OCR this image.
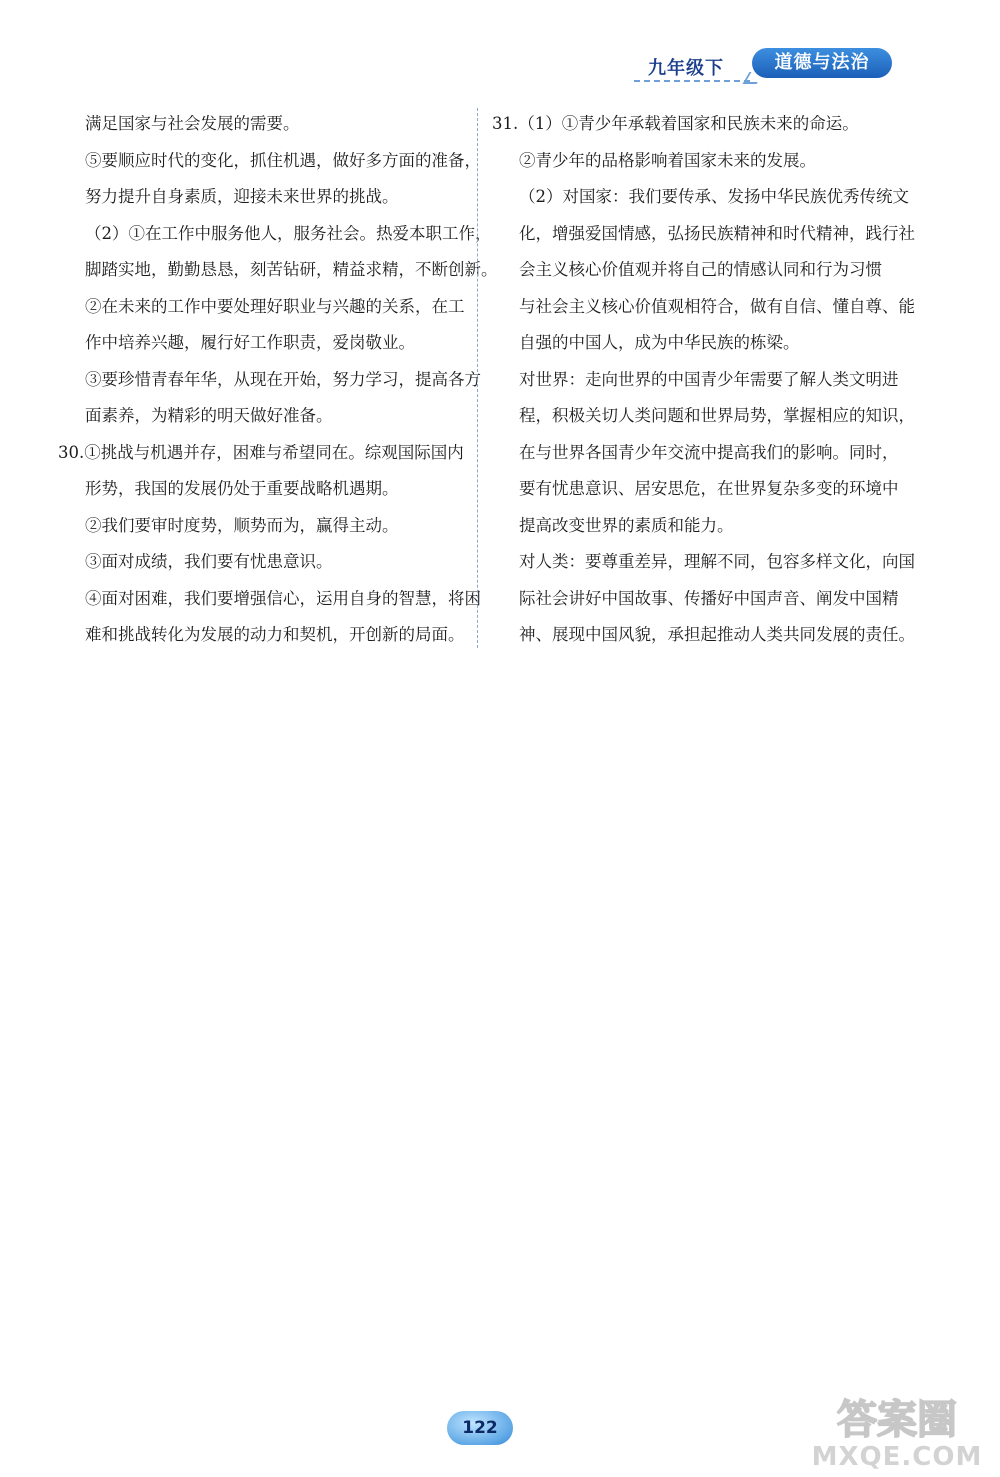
九年级下	道德与法治
满足国家与社会发展的需要。
⑤要顺应时代的变化，抓住机遇，做好多方面的准备，
努力提升自身素质，迎接未来世界的挑战。
（2）①在工作中服务他人，服务社会。热爱本职工作，
脚踏实地，勤勤恳恳，刻苦钻研，精益求精，不断创新。
②在未来的工作中要处理好职业与兴趣的关系，在工
作中培养兴趣，履行好工作职责，爱岗敬业。
③要珍惜青春年华，从现在开始，努力学习，提高各方
面素养，为精彩的明天做好准备。
30.①挑战与机遇并存，困难与希望同在。综观国际国内
形势，我国的发展仍处于重要战略机遇期。
②我们要审时度势，顺势而为，赢得主动。
③面对成绩，我们要有忧患意识。
④面对困难，我们要增强信心，运用自身的智慧，将困
难和挑战转化为发展的动力和契机，开创新的局面。
31.（1）①青少年承载着国家和民族未来的命运。
②青少年的品格影响着国家未来的发展。
（2）对国家：我们要传承、发扬中华民族优秀传统文
化，增强爱国情感，弘扬民族精神和时代精神，践行社
会主义核心价值观并将自己的情感认同和行为习惯
与社会主义核心价值观相符合，做有自信、懂自尊、能
自强的中国人，成为中华民族的栋梁。
对世界：走向世界的中国青少年需要了解人类文明进
程，积极关切人类问题和世界局势，掌握相应的知识，
在与世界各国青少年交流中提高我们的影响。同时，
要有忧患意识、居安思危，在世界复杂多变的环境中
提高改变世界的素质和能力。
对人类：要尊重差异，理解不同，包容多样文化，向国
际社会讲好中国故事、传播好中国声音、阐发中国精
神、展现中国风貌，承担起推动人类共同发展的责任。
122	答案圈
MXQE.COM
